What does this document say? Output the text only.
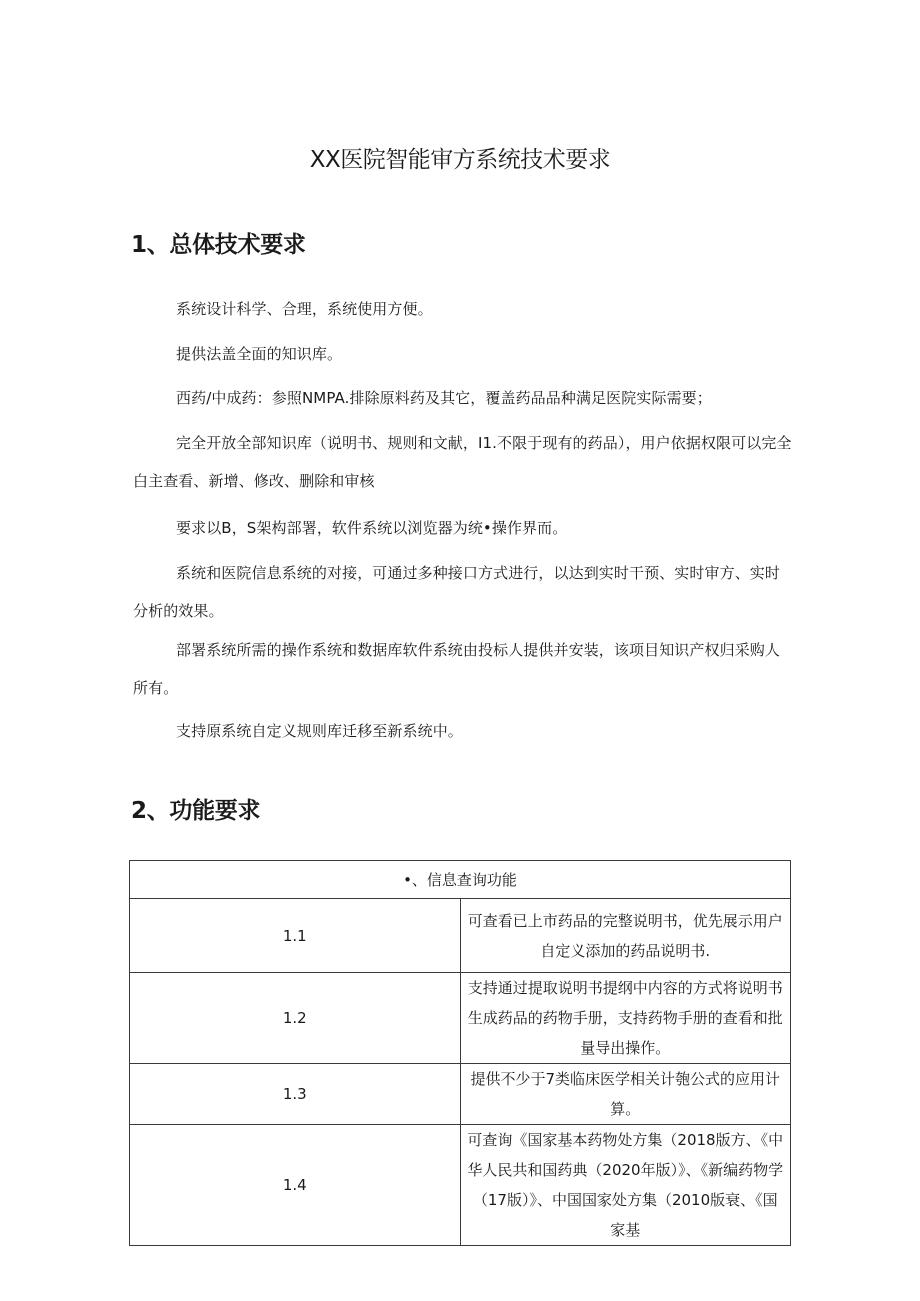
XX医院智能审方系统技术要求
1、总体技术要求

系统设计科学、合理，系统使用方便。

提供法盖全面的知识库。

西药/中成药：参照NMPA.排除原料药及其它，覆盖药品品种满足医院实际需要；

完全开放全部知识库（说明书、规则和文献，I1.不限于现有的药品），用户依据权限可以完全白主查看、新增、修改、删除和审核

要求以B，S架构部署，软件系统以浏览器为统•操作界而。

系统和医院信息系统的对接，可通过多种接口方式进行，以达到实时干预、实时审方、实时分析的效果。

部署系统所需的操作系统和数据库软件系统由投标人提供并安装，该项目知识产权归采购人所有。

支持原系统自定义规则库迁移至新系统中。

2、功能要求
•、信息查询功能	
1.1	可查看已上市药品的完整说明书，优先展示用户自定义添加的药品说明书.

1.2	支持通过提取说明书提纲中内容的方式将说明书生成药品的药物手册，支持药物手册的查看和批量导出操作。

1.3	提供不少于7类临床医学相关计匏公式的应用计算。

1.4	可查询《国家基本药物处方集（2018版方、《中华人民共和国药典（2020年版）》、《新编药物学（17版）》、中国国家处方集（2010版衰、《国家基
